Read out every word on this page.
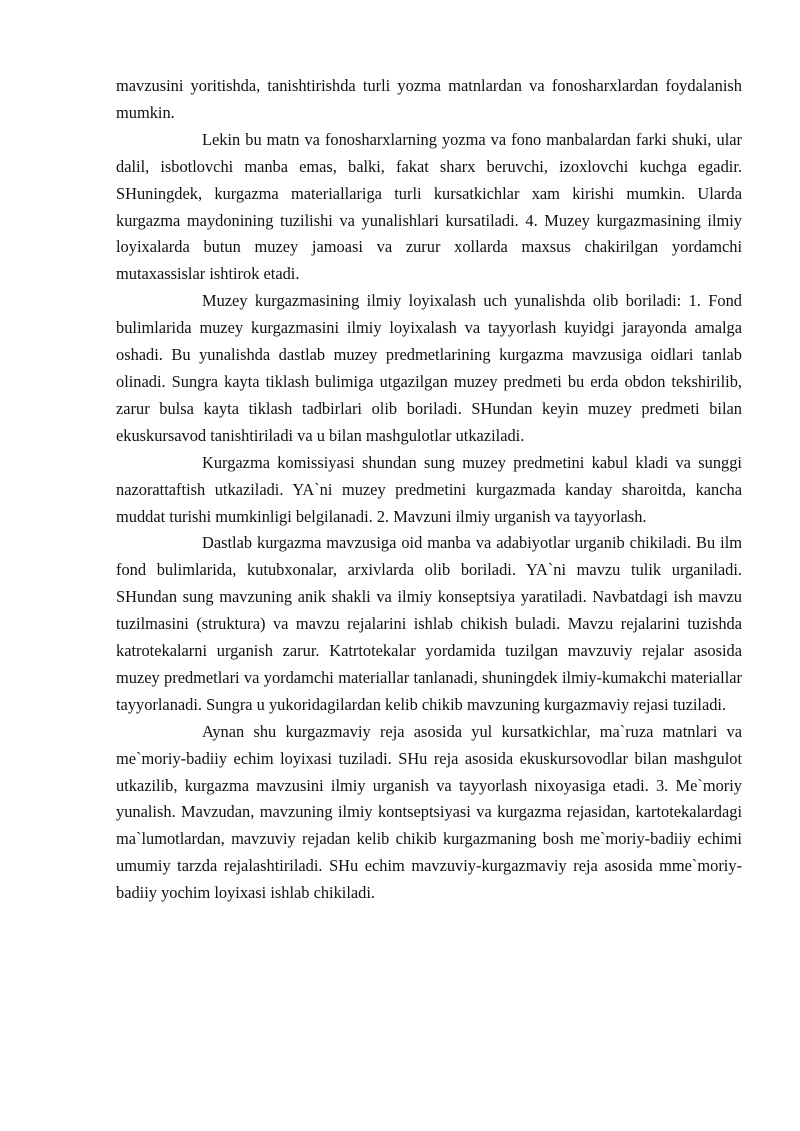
mavzusini yoritishda, tanishtirishda turli yozma matnlardan va fonosharxlardan foydalanish mumkin.

Lekin bu matn va fonosharxlarning yozma va fono manbalardan farki shuki, ular dalil, isbotlovchi manba emas, balki, fakat sharx beruvchi, izoxlovchi kuchga egadir. SHuningdek, kurgazma materiallariga turli kursatkichlar xam kirishi mumkin. Ularda kurgazma maydonining tuzilishi va yunalishlari kursatiladi. 4. Muzey kurgazmasining ilmiy loyixalarda butun muzey jamoasi va zurur xollarda maxsus chakirilgan yordamchi mutaxassislar ishtirok etadi.

Muzey kurgazmasining ilmiy loyixalash uch yunalishda olib boriladi: 1. Fond bulimlarida muzey kurgazmasini ilmiy loyixalash va tayyorlash kuyidgi jarayonda amalga oshadi. Bu yunalishda dastlab muzey predmetlarining kurgazma mavzusiga oidlari tanlab olinadi. Sungra kayta tiklash bulimiga utgazilgan muzey predmeti bu erda obdon tekshirilib, zarur bulsa kayta tiklash tadbirlari olib boriladi. SHundan keyin muzey predmeti bilan ekuskursavod tanishtiriladi va u bilan mashgulotlar utkaziladi.

Kurgazma komissiyasi shundan sung muzey predmetini kabul kladi va sunggi nazorattaftish utkaziladi. YA`ni muzey predmetini kurgazmada kanday sharoitda, kancha muddat turishi mumkinligi belgilanadi. 2. Mavzuni ilmiy urganish va tayyorlash.

Dastlab kurgazma mavzusiga oid manba va adabiyotlar urganib chikiladi. Bu ilm fond bulimlarida, kutubxonalar, arxivlarda olib boriladi. YA`ni mavzu tulik urganiladi. SHundan sung mavzuning anik shakli va ilmiy konseptsiya yaratiladi. Navbatdagi ish mavzu tuzilmasini (struktura) va mavzu rejalarini ishlab chikish buladi. Mavzu rejalarini tuzishda katrotekalarni urganish zarur. Katrtotekalar yordamida tuzilgan mavzuviy rejalar asosida muzey predmetlari va yordamchi materiallar tanlanadi, shuningdek ilmiy-kumakchi materiallar tayyorlanadi. Sungra u yukoridagilardan kelib chikib mavzuning kurgazmaviy rejasi tuziladi.

Aynan shu kurgazmaviy reja asosida yul kursatkichlar, ma`ruza matnlari va me`moriy-badiiy echim loyixasi tuziladi. SHu reja asosida ekuskursovodlar bilan mashgulot utkazilib, kurgazma mavzusini ilmiy urganish va tayyorlash nixoyasiga etadi. 3. Me`moriy yunalish. Mavzudan, mavzuning ilmiy kontseptsiyasi va kurgazma rejasidan, kartotekalardagi ma`lumotlardan, mavzuviy rejadan kelib chikib kurgazmaning bosh me`moriy-badiiy echimi umumiy tarzda rejalashtiriladi. SHu echim mavzuviy-kurgazmaviy reja asosida mme`moriy-badiiy yochim loyixasi ishlab chikiladi.
